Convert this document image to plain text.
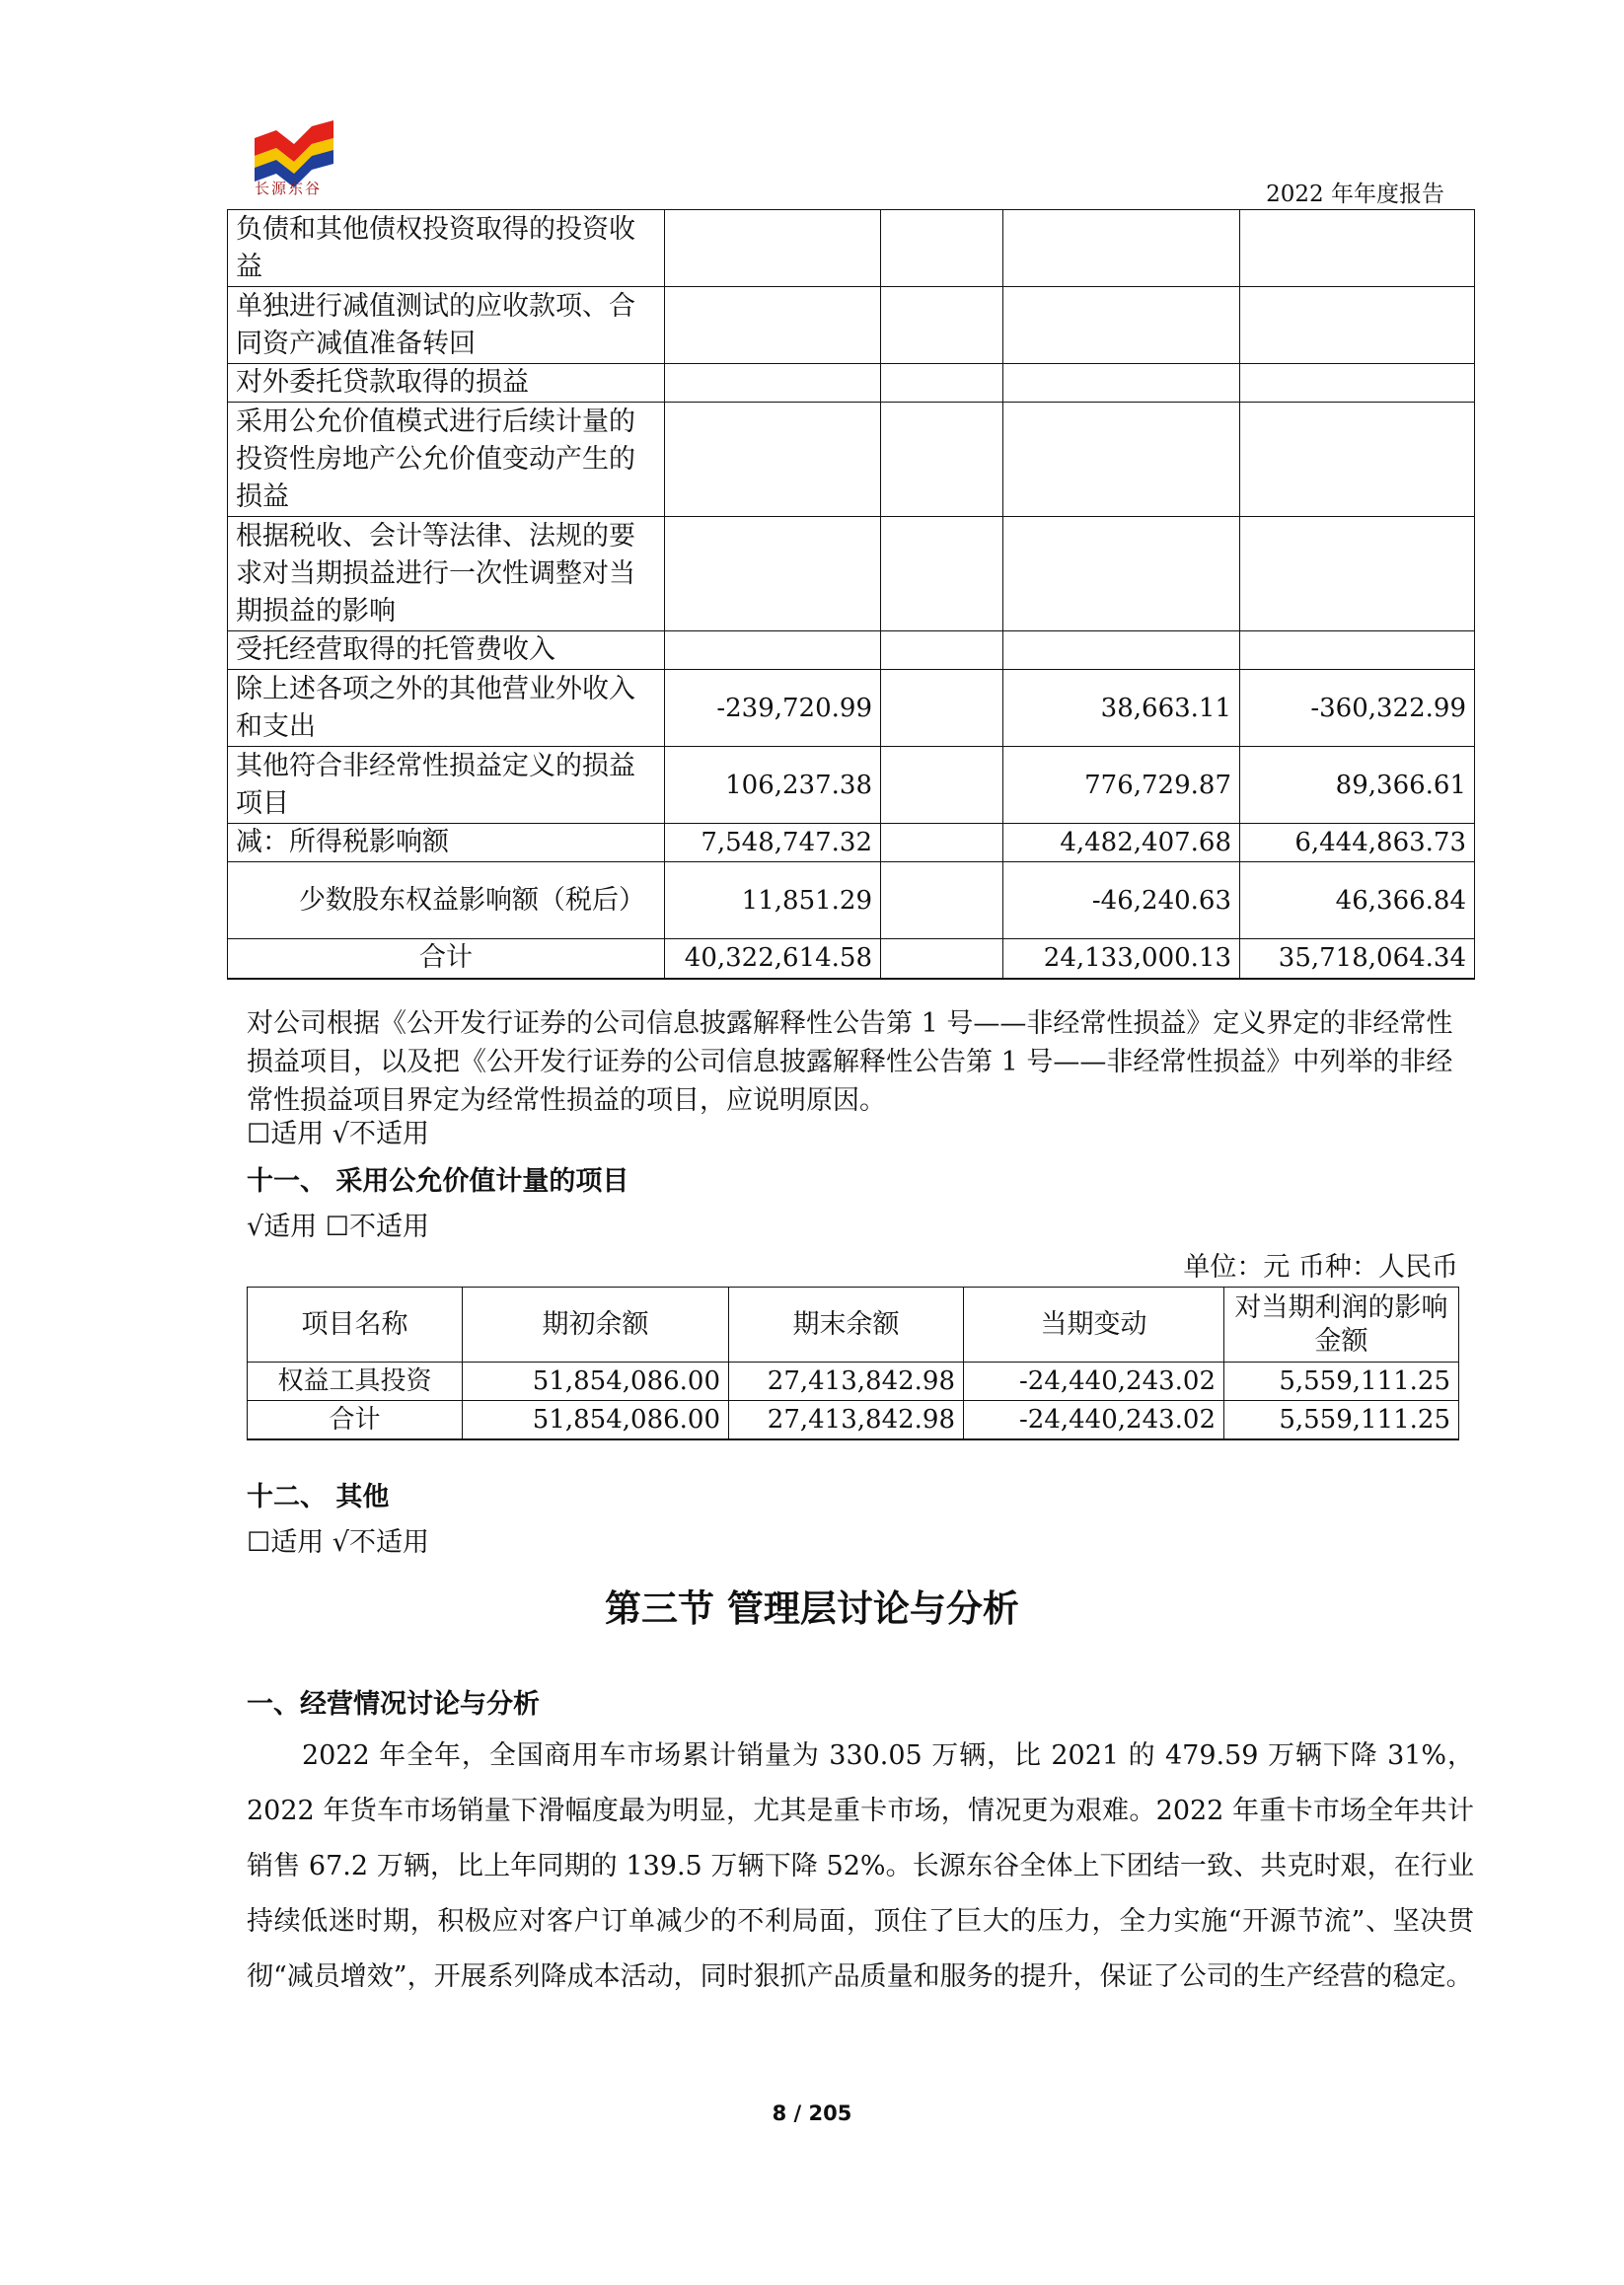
长源东谷	2022 年年度报告
负债和其他债权投资取得的投资收益				
单独进行减值测试的应收款项、合同资产减值准备转回				
对外委托贷款取得的损益				
采用公允价值模式进行后续计量的投资性房地产公允价值变动产生的损益				
根据税收、会计等法律、法规的要求对当期损益进行一次性调整对当期损益的影响				
受托经营取得的托管费收入				
除上述各项之外的其他营业外收入和支出	-239,720.99		38,663.11	-360,322.99
其他符合非经常性损益定义的损益项目	106,237.38		776,729.87	89,366.61
减：所得税影响额	7,548,747.32		4,482,407.68	6,444,863.73
少数股东权益影响额（税后）	11,851.29		-46,240.63	46,366.84
合计	40,322,614.58		24,133,000.13	35,718,064.34
对公司根据《公开发行证券的公司信息披露解释性公告第 1 号——非经常性损益》定义界定的非经常性损益项目，以及把《公开发行证券的公司信息披露解释性公告第 1 号——非经常性损益》中列举的非经常性损益项目界定为经常性损益的项目，应说明原因。
☐适用 √不适用
十一、 采用公允价值计量的项目
√适用 ☐不适用
单位：元 币种：人民币
项目名称	期初余额	期末余额	当期变动	对当期利润的影响金额
权益工具投资	51,854,086.00	27,413,842.98	-24,440,243.02	5,559,111.25
合计	51,854,086.00	27,413,842.98	-24,440,243.02	5,559,111.25
十二、 其他
☐适用 √不适用
第三节 管理层讨论与分析
一、经营情况讨论与分析
2022 年全年，全国商用车市场累计销量为 330.05 万辆，比 2021 的 479.59 万辆下降 31%，2022 年货车市场销量下滑幅度最为明显，尤其是重卡市场，情况更为艰难。2022 年重卡市场全年共计销售 67.2 万辆，比上年同期的 139.5 万辆下降 52%。长源东谷全体上下团结一致、共克时艰，在行业持续低迷时期，积极应对客户订单减少的不利局面，顶住了巨大的压力，全力实施“开源节流”、坚决贯彻“减员增效”，开展系列降成本活动，同时狠抓产品质量和服务的提升，保证了公司的生产经营的稳定。
8 / 205
